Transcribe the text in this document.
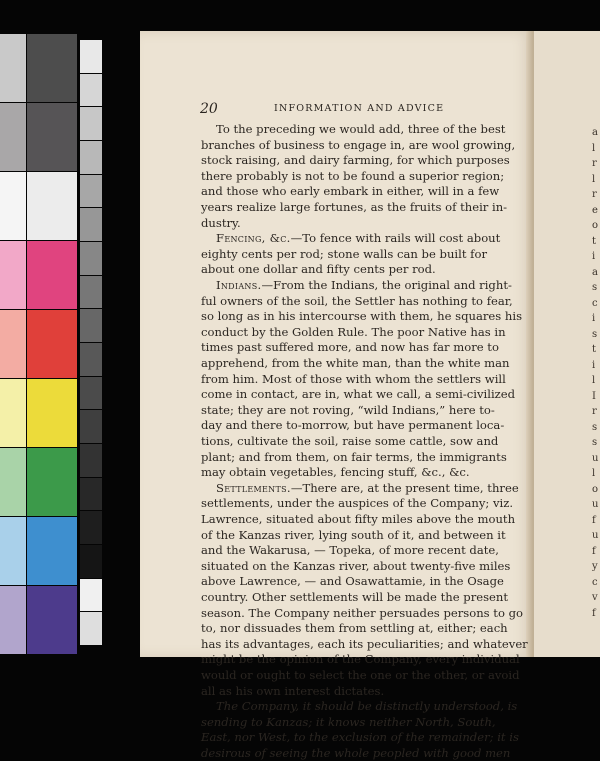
a
l
r
l
r
e
o
t
i
a
s
c
i
s
t
i
l
I
r
s
s
u
l
o
u
f
u
f
y
c
v
f
20	INFORMATION AND ADVICE
To the preceding we would add, three of the best
branches of business to engage in, are wool growing,
stock raising, and dairy farming, for which purposes
there probably is not to be found a superior region;
and those who early embark in either, will in a few
years realize large fortunes, as the fruits of their in-
dustry.
Fencing, &c.—To fence with rails will cost about
eighty cents per rod; stone walls can be built for
about one dollar and fifty cents per rod.
Indians.—From the Indians, the original and right-
ful owners of the soil, the Settler has nothing to fear,
so long as in his intercourse with them, he squares his
conduct by the Golden Rule. The poor Native has in
times past suffered more, and now has far more to
apprehend, from the white man, than the white man
from him. Most of those with whom the settlers will
come in contact, are in, what we call, a semi-civilized
state; they are not roving, “wild Indians,” here to-
day and there to-morrow, but have permanent loca-
tions, cultivate the soil, raise some cattle, sow and
plant; and from them, on fair terms, the immigrants
may obtain vegetables, fencing stuff, &c., &c.
Settlements.—There are, at the present time, three
settlements, under the auspices of the Company; viz.
Lawrence, situated about fifty miles above the mouth
of the Kanzas river, lying south of it, and between it
and the Wakarusa, — Topeka, of more recent date,
situated on the Kanzas river, about twenty-five miles
above Lawrence, — and Osawattamie, in the Osage
country. Other settlements will be made the present
season. The Company neither persuades persons to go
to, nor dissuades them from settling at, either; each
has its advantages, each its peculiarities; and whatever
might be the opinion of the Company, every individual
would or ought to select the one or the other, or avoid
all as his own interest dictates.
The Company, it should be distinctly understood, is
sending to Kanzas; it knows neither North, South,
East, nor West, to the exclusion of the remainder; it is
desirous of seeing the whole peopled with good men
